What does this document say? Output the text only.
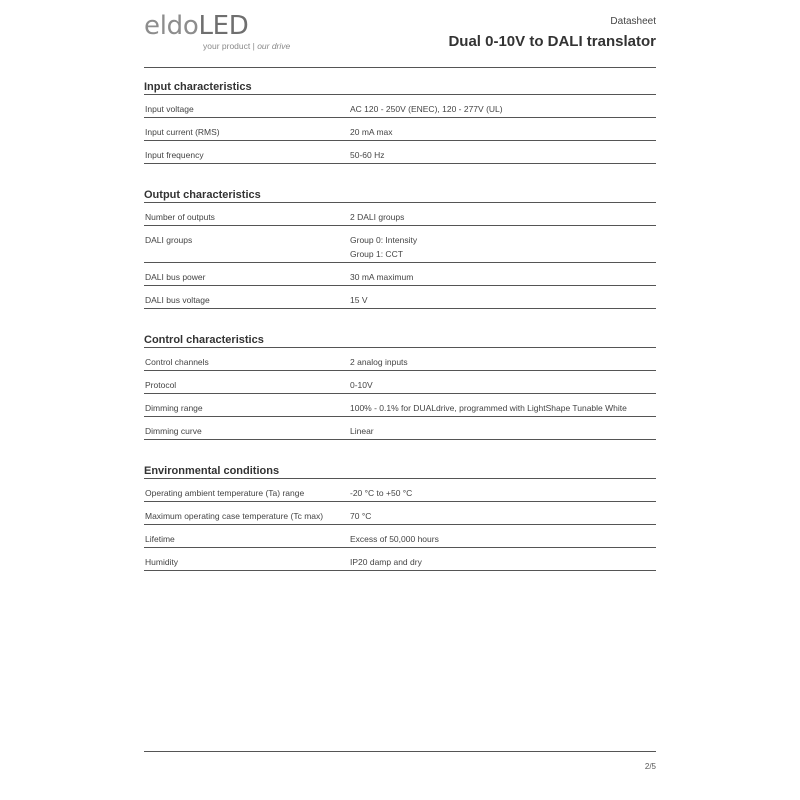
eldoLED
your product | our drive
Datasheet
Dual 0-10V to DALI translator
Input characteristics
Input voltage	AC 120 - 250V (ENEC), 120 - 277V (UL)
Input current (RMS)	20 mA max
Input frequency	50-60 Hz
Output characteristics
Number of outputs	2 DALI groups
DALI groups	Group 0: Intensity
Group 1: CCT
DALI bus power	30 mA maximum
DALI bus voltage	15 V
Control characteristics
Control channels	2 analog inputs
Protocol	0-10V
Dimming range	100% - 0.1% for DUALdrive, programmed with LightShape Tunable White
Dimming curve	Linear
Environmental conditions
Operating ambient temperature (Ta) range	-20 °C to +50 °C
Maximum operating case temperature (Tc max)	70 °C
Lifetime	Excess of 50,000 hours
Humidity	IP20 damp and dry
2/5
